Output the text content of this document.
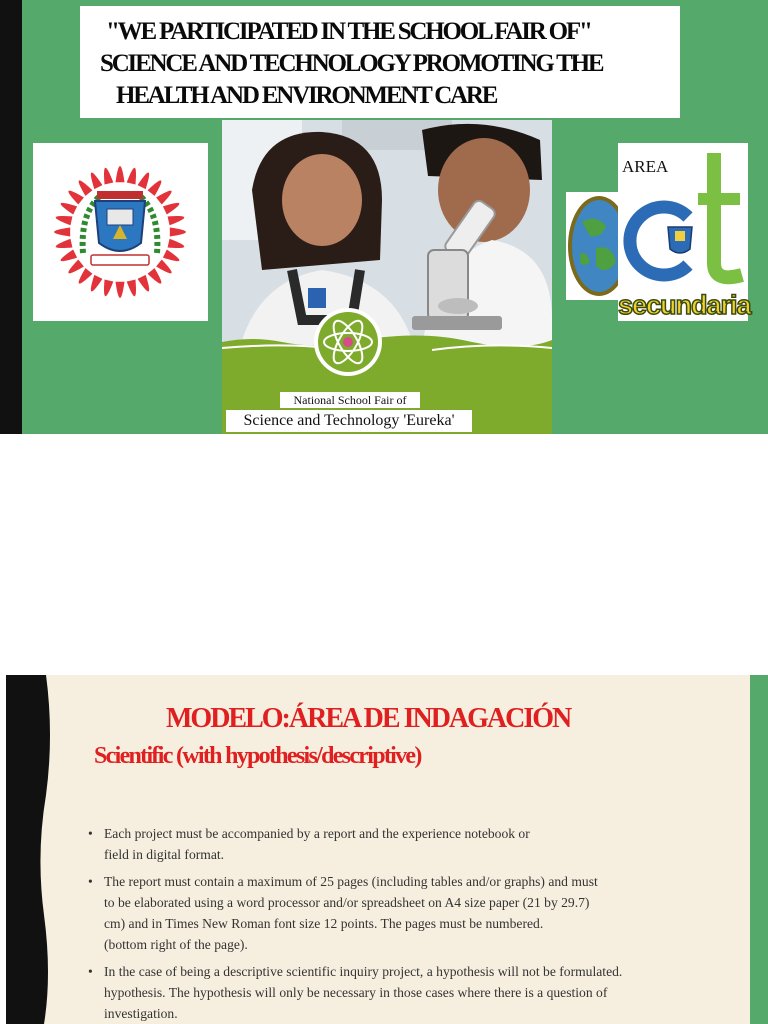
"WE PARTICIPATED IN THE SCHOOL FAIR OF"
SCIENCE AND TECHNOLOGY PROMOTING THE
HEALTH AND ENVIRONMENT CARE
National School Fair of
Science and Technology 'Eureka'
AREA
secundaria
MODELO:ÁREA DE INDAGACIÓN
Scientific (with hypothesis/descriptive)
• Each project must be accompanied by a report and the experience notebook or
field in digital format.
• The report must contain a maximum of 25 pages (including tables and/or graphs) and must
to be elaborated using a word processor and/or spreadsheet on A4 size paper (21 by 29.7)
cm) and in Times New Roman font size 12 points. The pages must be numbered.
(bottom right of the page).
• In the case of being a descriptive scientific inquiry project, a hypothesis will not be formulated.
hypothesis. The hypothesis will only be necessary in those cases where there is a question of
investigation.
